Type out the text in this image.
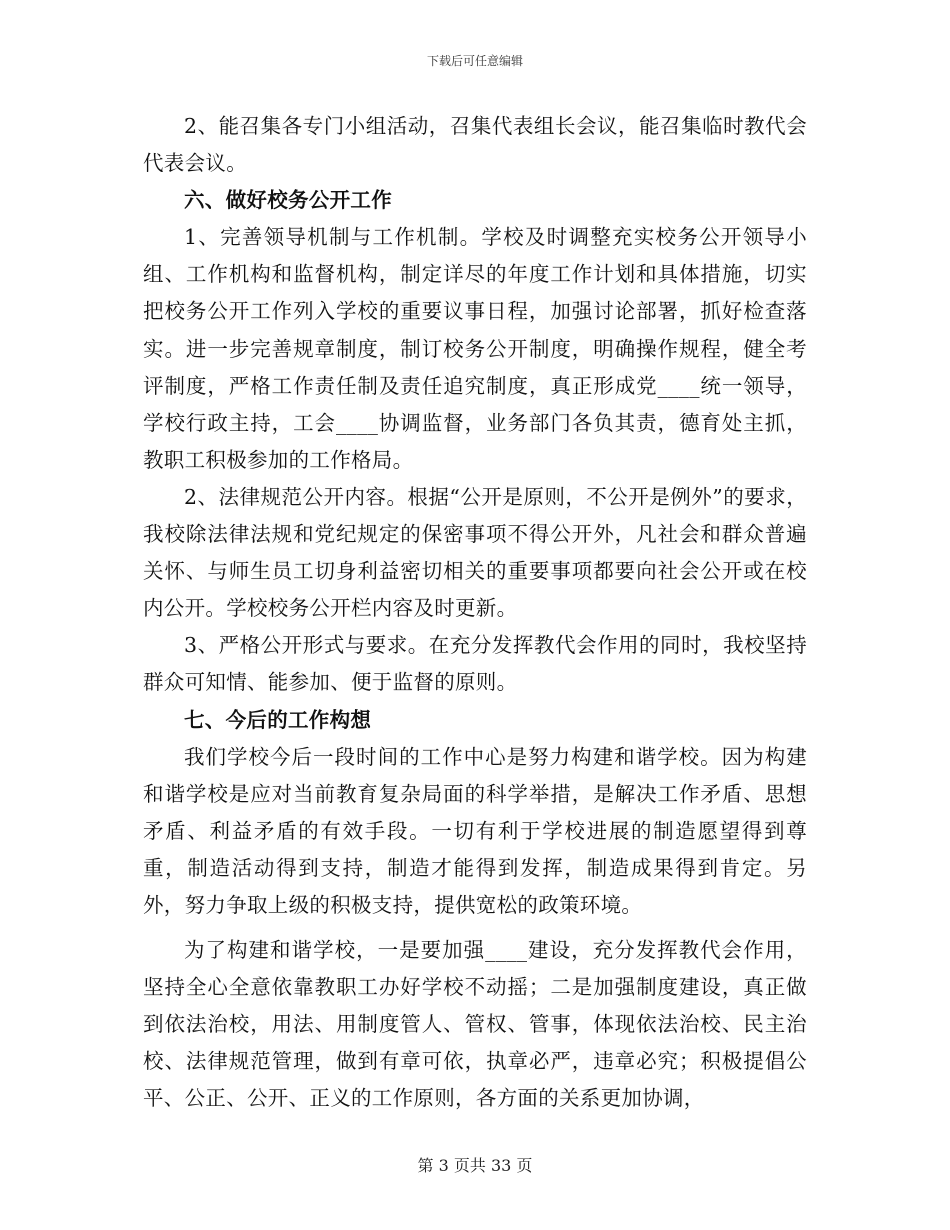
下载后可任意编辑

2、能召集各专门小组活动，召集代表组长会议，能召集临时教代会代表会议。

六、做好校务公开工作

1、完善领导机制与工作机制。学校及时调整充实校务公开领导小组、工作机构和监督机构，制定详尽的年度工作计划和具体措施，切实把校务公开工作列入学校的重要议事日程，加强讨论部署，抓好检查落实。进一步完善规章制度，制订校务公开制度，明确操作规程，健全考评制度，严格工作责任制及责任追究制度，真正形成党____统一领导，学校行政主持，工会____协调监督，业务部门各负其责，德育处主抓，教职工积极参加的工作格局。

2、法律规范公开内容。根据“公开是原则，不公开是例外”的要求，我校除法律法规和党纪规定的保密事项不得公开外，凡社会和群众普遍关怀、与师生员工切身利益密切相关的重要事项都要向社会公开或在校内公开。学校校务公开栏内容及时更新。

3、严格公开形式与要求。在充分发挥教代会作用的同时，我校坚持群众可知情、能参加、便于监督的原则。

七、今后的工作构想

我们学校今后一段时间的工作中心是努力构建和谐学校。因为构建和谐学校是应对当前教育复杂局面的科学举措，是解决工作矛盾、思想矛盾、利益矛盾的有效手段。一切有利于学校进展的制造愿望得到尊重，制造活动得到支持，制造才能得到发挥，制造成果得到肯定。另外，努力争取上级的积极支持，提供宽松的政策环境。

为了构建和谐学校，一是要加强____建设，充分发挥教代会作用，坚持全心全意依靠教职工办好学校不动摇；二是加强制度建设，真正做到依法治校，用法、用制度管人、管权、管事，体现依法治校、民主治校、法律规范管理，做到有章可依，执章必严，违章必究；积极提倡公平、公正、公开、正义的工作原则，各方面的关系更加协调，

第 3 页共 33 页
